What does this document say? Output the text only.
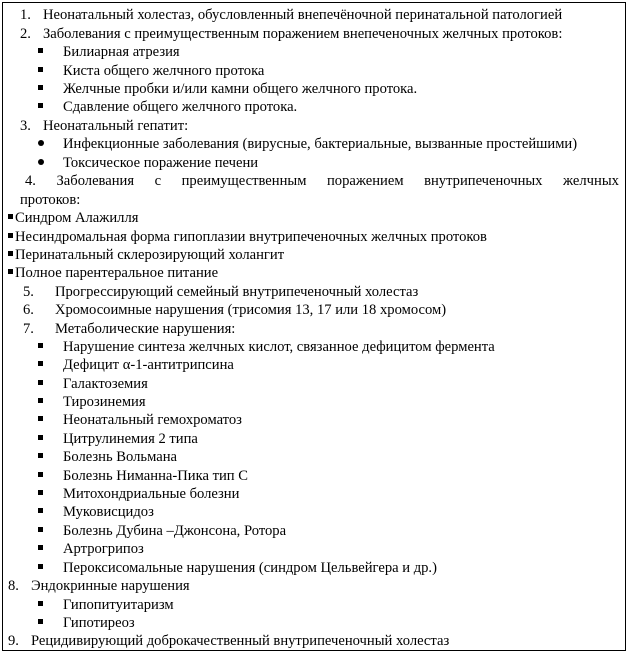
1. Неонатальный холестаз, обусловленный внепечёночной перинатальной патологией
2. Заболевания с преимущественным поражением внепеченочных желчных протоков:
Билиарная атрезия
Киста общего желчного протока
Желчные пробки и/или камни общего желчного протока.
Сдавление общего желчного протока.
3. Неонатальный гепатит:
Инфекционные заболевания (вирусные, бактериальные, вызванные простейшими)
Токсическое поражение печени
4. Заболевания с преимущественным поражением внутрипеченочных желчных
протоков:
Синдром Алажилля
Несиндромальная форма гипоплазии внутрипеченочных желчных протоков
Перинатальный склерозирующий холангит
Полное парентеральное питание
5. Прогрессирующий семейный внутрипеченочный холестаз
6. Хромосоимные нарушения (трисомия 13, 17 или 18 хромосом)
7. Метаболические нарушения:
Нарушение синтеза желчных кислот, связанное дефицитом фермента
Дефицит α-1-антитрипсина
Галактоземия
Тирозинемия
Неонатальный гемохроматоз
Цитрулинемия 2 типа
Болезнь Вольмана
Болезнь Ниманна-Пика тип С
Митохондриальные болезни
Муковисцидоз
Болезнь Дубина –Джонсона, Ротора
Артрогрипоз
Пероксисомальные нарушения (синдром Цельвейгера и др.)
8. Эндокринные нарушения
Гипопитуитаризм
Гипотиреоз
9. Рецидивирующий доброкачественный внутрипеченочный холестаз
